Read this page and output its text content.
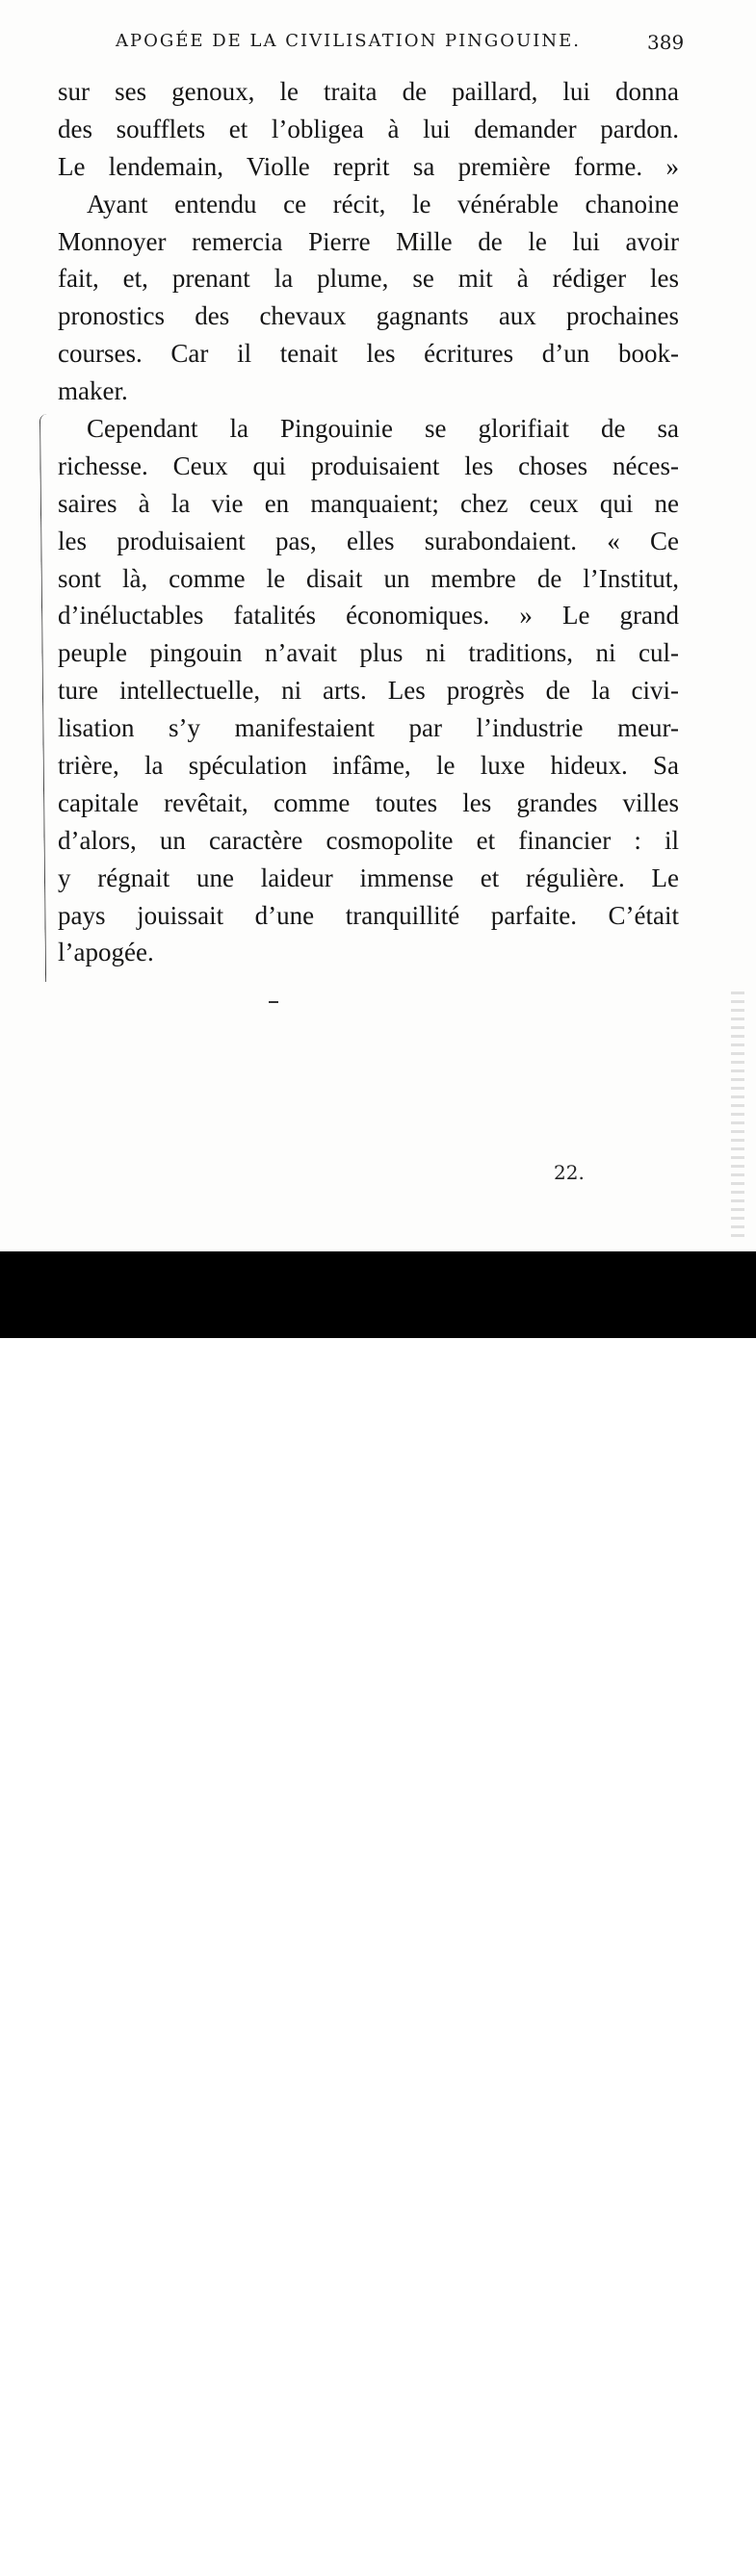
APOGÉE DE LA CIVILISATION PINGOUINE.	389
sur ses genoux, le traita de paillard, lui donna
des soufflets et l’obligea à lui demander pardon.
Le lendemain, Violle reprit sa première forme. »
Ayant entendu ce récit, le vénérable chanoine
Monnoyer remercia Pierre Mille de le lui avoir
fait, et, prenant la plume, se mit à rédiger les
pronostics des chevaux gagnants aux prochaines
courses. Car il tenait les écritures d’un book-
maker.
Cependant la Pingouinie se glorifiait de sa
richesse. Ceux qui produisaient les choses néces-
saires à la vie en manquaient; chez ceux qui ne
les produisaient pas, elles surabondaient. « Ce
sont là, comme le disait un membre de l’Institut,
d’inéluctables fatalités économiques. » Le grand
peuple pingouin n’avait plus ni traditions, ni cul-
ture intellectuelle, ni arts. Les progrès de la civi-
lisation s’y manifestaient par l’industrie meur-
trière, la spéculation infâme, le luxe hideux. Sa
capitale revêtait, comme toutes les grandes villes
d’alors, un caractère cosmopolite et financier : il
y régnait une laideur immense et régulière. Le
pays jouissait d’une tranquillité parfaite. C’était
l’apogée.
22.
alamy	Image ID: KBXJJ0
www.alamy.com
